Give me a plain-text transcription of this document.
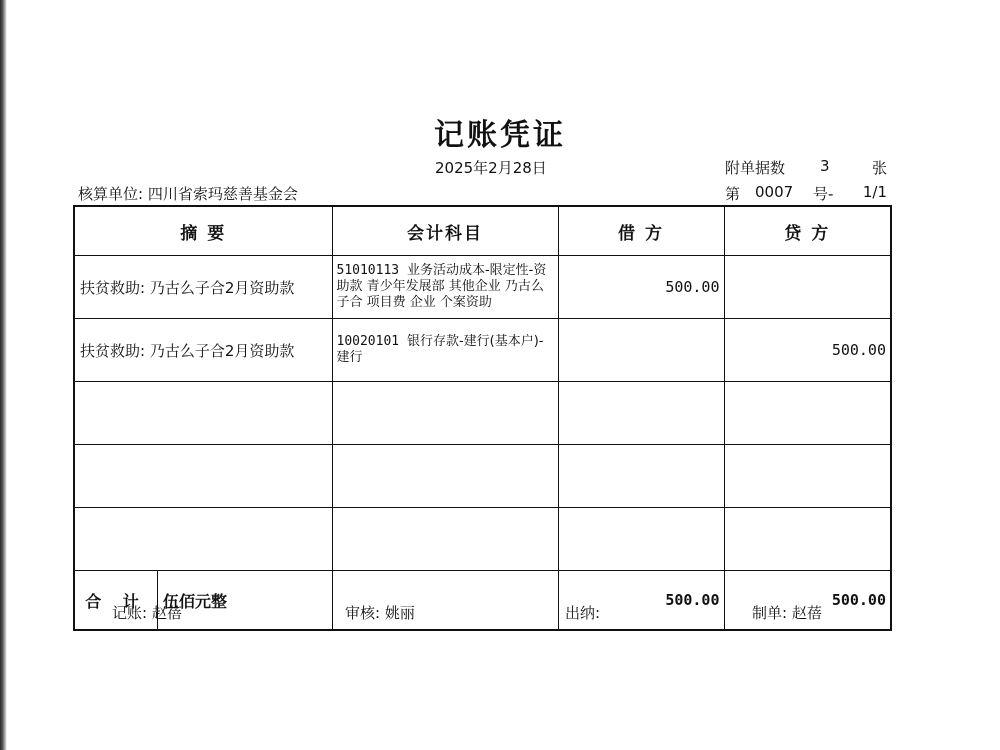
记账凭证
2025年2月28日	附单据数 3	张
核算单位: 四川省索玛慈善基金会	第 0007 号- 1/1
摘 要	会计科目	借 方	贷 方
扶贫救助: 乃古么子合2月资助款	51010113 业务活动成本-限定性-资助款 青少年发展部 其他企业 乃古么子合 项目费 企业 个案资助	500.00	
扶贫救助: 乃古么子合2月资助款	10020101 银行存款-建行(基本户)-建行		500.00

合 计 伍佰元整		500.00	500.00
记账: 赵蓓	审核: 姚丽	出纳:	制单: 赵蓓
